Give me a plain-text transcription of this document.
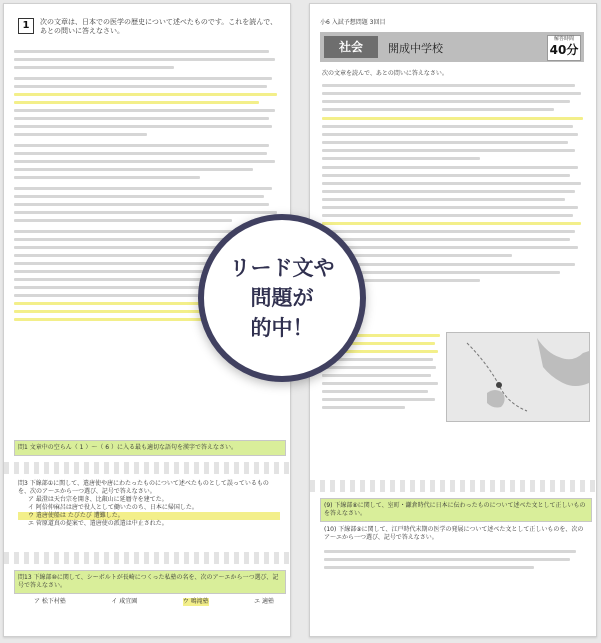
1	次の文章は、日本での医学の歴史について述べたものです。これを読んで、あとの問いに答えなさい。
問1 文章中の空らん（ 1 ）～（ 6 ）に入る最も適切な語句を漢字で答えなさい。
問3 下線部①に関して、遣唐使や唐にわたったものについて述べたものとして誤っているものを、次のア～エから一つ選び、記号で答えなさい。
ア 最澄は天台宗を開き、比叡山に延暦寺を建てた。
イ 阿倍仲麻呂は唐で役人として働いたのち、日本に帰国した。
ウ 遣唐使船は たびたび 遭難した。
エ 菅原道真の提案で、遣唐使の派遣は中止された。
問13 下線部⑩に関して、シーボルトが長崎につくった私塾の名を、次のア～エから一つ選び、記号で答えなさい。
ア 松下村塾	イ 咸宜園	ウ 鳴滝塾	エ 適塾
小6 入試予想問題 3回目
社会	開成中学校
解答時間
40分
次の文章を読んで、あとの問いに答えなさい。
(9) 下線部⑧に関して、室町・鎌倉時代に日本に伝わったものについて述べた文として正しいものを答えなさい。
(10) 下線部⑨に関して、江戸時代末期の医学の発展について述べた文として正しいものを、次のア～エから一つ選び、記号で答えなさい。
リード文や
問題が
的中！
